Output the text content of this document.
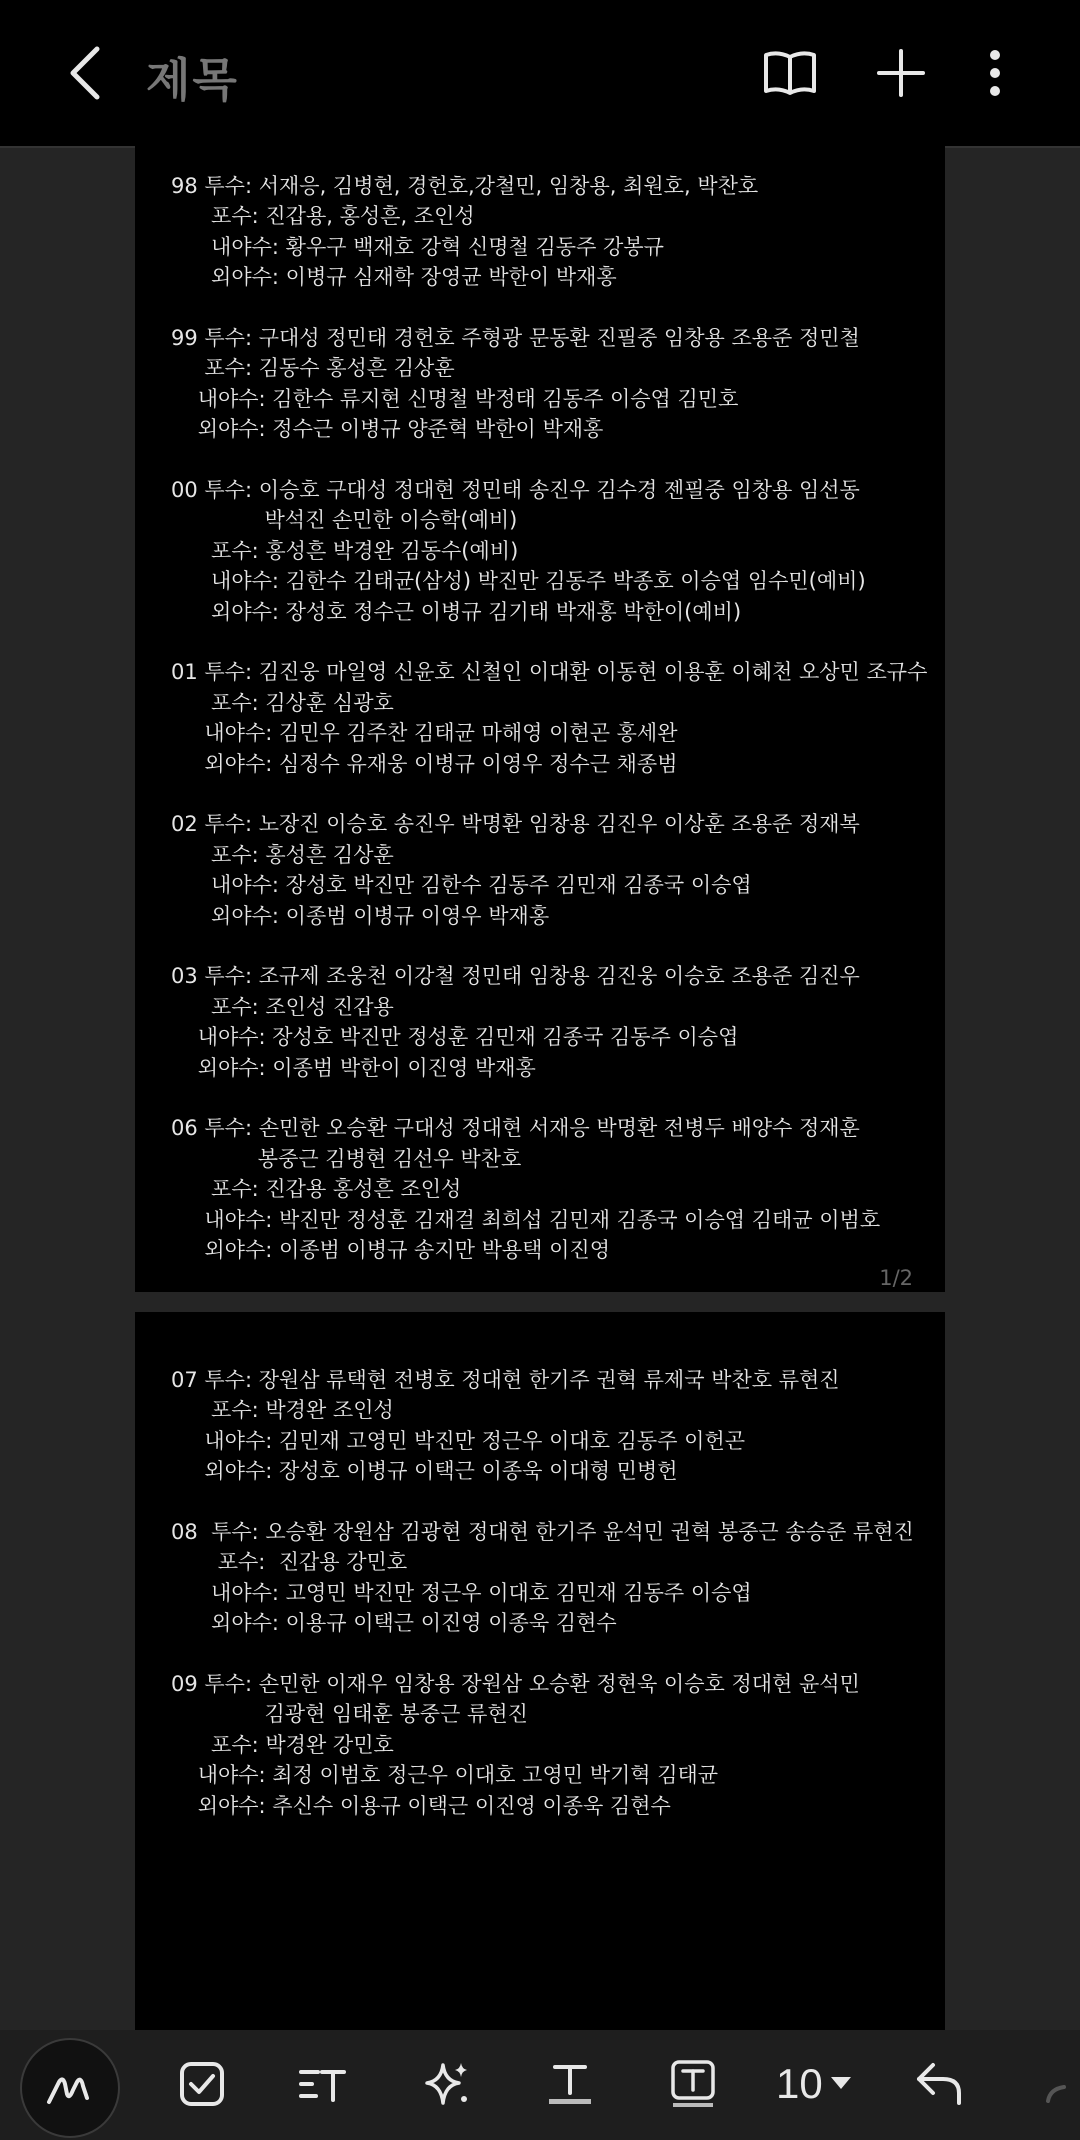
제목
98 투수: 서재응, 김병현, 경헌호,강철민, 임창용, 최원호, 박찬호
포수: 진갑용, 홍성흔, 조인성
내야수: 황우구 백재호 강혁 신명철 김동주 강봉규
외야수: 이병규 심재학 장영균 박한이 박재홍
99 투수: 구대성 정민태 경헌호 주형광 문동환 진필중 임창용 조용준 정민철
포수: 김동수 홍성흔 김상훈
내야수: 김한수 류지현 신명철 박정태 김동주 이승엽 김민호
외야수: 정수근 이병규 양준혁 박한이 박재홍
00 투수: 이승호 구대성 정대현 정민태 송진우 김수경 젠필중 임창용 임선동
박석진 손민한 이승학(예비)
포수: 홍성흔 박경완 김동수(예비)
내야수: 김한수 김태균(삼성) 박진만 김동주 박종호 이승엽 임수민(예비)
외야수: 장성호 정수근 이병규 김기태 박재홍 박한이(예비)
01 투수: 김진웅 마일영 신윤호 신철인 이대환 이동현 이용훈 이혜천 오상민 조규수
포수: 김상훈 심광호
내야수: 김민우 김주찬 김태균 마해영 이현곤 홍세완
외야수: 심정수 유재웅 이병규 이영우 정수근 채종범
02 투수: 노장진 이승호 송진우 박명환 임창용 김진우 이상훈 조용준 정재복
포수: 홍성흔 김상훈
내야수: 장성호 박진만 김한수 김동주 김민재 김종국 이승엽
외야수: 이종범 이병규 이영우 박재홍
03 투수: 조규제 조웅천 이강철 정민태 임창용 김진웅 이승호 조용준 김진우
포수: 조인성 진갑용
내야수: 장성호 박진만 정성훈 김민재 김종국 김동주 이승엽
외야수: 이종범 박한이 이진영 박재홍
06 투수: 손민한 오승환 구대성 정대현 서재응 박명환 전병두 배양수 정재훈
봉중근 김병현 김선우 박찬호
포수: 진갑용 홍성흔 조인성
내야수: 박진만 정성훈 김재걸 최희섭 김민재 김종국 이승엽 김태균 이범호
외야수: 이종범 이병규 송지만 박용택 이진영
1/2
07 투수: 장원삼 류택현 전병호 정대현 한기주 권혁 류제국 박찬호 류현진
포수: 박경완 조인성
내야수: 김민재 고영민 박진만 정근우 이대호 김동주 이헌곤
외야수: 장성호 이병규 이택근 이종욱 이대형 민병헌
08  투수: 오승환 장원삼 김광현 정대현 한기주 윤석민 권혁 봉중근 송승준 류현진
포수:  진갑용 강민호
내야수: 고영민 박진만 정근우 이대호 김민재 김동주 이승엽
외야수: 이용규 이택근 이진영 이종욱 김현수
09 투수: 손민한 이재우 임창용 장원삼 오승환 정현욱 이승호 정대현 윤석민
김광현 임태훈 봉중근 류현진
포수: 박경완 강민호
내야수: 최정 이범호 정근우 이대호 고영민 박기혁 김태균
외야수: 추신수 이용규 이택근 이진영 이종욱 김현수
10
